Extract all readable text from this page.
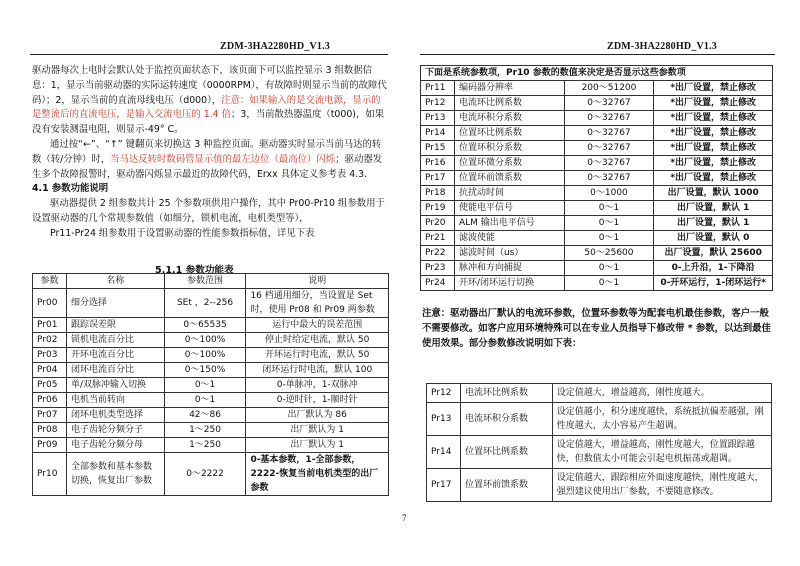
ZDM-3HA2280HD_V1.3	ZDM-3HA2280HD_V1.3

驱动器每次上电时会默认处于监控页面状态下，该页面下可以监控显示 3 组数据信息：1，显示当前驱动器的实际运转速度（0000RPM），有故障时则显示当前的故障代码）；2，显示当前的直流母线电压（d000），注意：如果输入的是交流电源，显示的是整流后的直流电压，是输入交流电压的 1.4 倍；3，当前散热器温度（t000)，如果没有安装测温电阻，则显示-49° C。

通过按“←”、“↑” 键翻页来切换这 3 种监控页面。驱动器实时显示当前马达的转数（转/分钟）时，当马达反转时数码管显示值的最左边位（最高位）闪烁；驱动器发生多个故障报警时，驱动器闪烁显示最近的故障代码，Erxx 具体定义参考表 4.3.

4.1 参数功能说明

驱动器提供 2 组参数共计 25 个参数项供用户操作，其中 Pr00-Pr10 组参数用于设置驱动器的几个常规参数值（如细分，锁机电流，电机类型等），

Pr11-Pr24 组参数用于设置驱动器的性能参数指标值，详见下表

5.1.1 参数功能表
参数	名称	参数范围	说明
Pr00	细分选择	SEt ，2--256	16 档通用细分，当设置是 Set 时，使用 Pr08 和 Pr09 两参数
Pr01	跟踪误差限	0～65535	运行中最大的误差范围
Pr02	锁机电流百分比	0～100%	停止时给定电流，默认 50
Pr03	开环电流百分比	0～100%	开环运行时电流，默认 50
Pr04	闭环电流百分比	0～150%	闭环运行时电流，默认 100
Pr05	单/双脉冲输入切换	0～1	0-单脉冲，1-双脉冲
Pr06	电机当前转向	0～1	0-逆时针，1-顺时针
Pr07	闭环电机类型选择	42～86	出厂默认为 86
Pr08	电子齿轮分频分子	1～250	出厂默认为 1
Pr09	电子齿轮分频分母	1～250	出厂默认为 1
Pr10	全部参数和基本参数切换，恢复出厂参数	0～2222	0-基本参数，1-全部参数，2222-恢复当前电机类型的出厂参数
下面是系统参数项，Pr10 参数的数值来决定是否显示这些参数项			
Pr11	编码器分辨率	200～51200	*出厂设置，禁止修改
Pr12	电流环比例系数	0～32767	*出厂设置，禁止修改
Pr13	电流环积分系数	0～32767	*出厂设置，禁止修改
Pr14	位置环比例系数	0～32767	*出厂设置，禁止修改
Pr15	位置环积分系数	0～32767	*出厂设置，禁止修改
Pr16	位置环微分系数	0～32767	*出厂设置，禁止修改
Pr17	位置环前馈系数	0～32767	*出厂设置，禁止修改
Pr18	抗扰动时间	0～1000	出厂设置，默认 1000
Pr19	使能电平信号	0～1	出厂设置，默认 1
Pr20	ALM 输出电平信号	0～1	出厂设置，默认 1
Pr21	滤波使能	0～1	出厂设置，默认 0
Pr22	滤波时间（us）	50～25600	出厂设置，默认 25600
Pr23	脉冲和方向捕捉	0～1	0-上升沿，1-下降沿
Pr24	开环/闭环运行切换	0～1	0-开环运行，1-闭环运行*
注意：驱动器出厂默认的电流环参数，位置环参数等为配套电机最佳参数，客户一般不需要修改。如客户应用环境特殊可以在专业人员指导下修改带 * 参数，以达到最佳使用效果。部分参数修改说明如下表：
Pr12	电流环比例系数	设定值越大，增益越高，刚性度越大。
Pr13	电流环积分系数	设定值越小，积分速度越快，系统抵抗偏差越强，刚性度越大，太小容易产生超调。
Pr14	位置环比例系数	设定值越大，增益越高，刚性度越大，位置跟踪越快，但数值太小可能会引起电机振荡或超调。
Pr17	位置环前馈系数	设定值越大，跟踪相应外面速度越快，刚性度越大，强烈建议使用出厂参数，不要随意修改。
7
